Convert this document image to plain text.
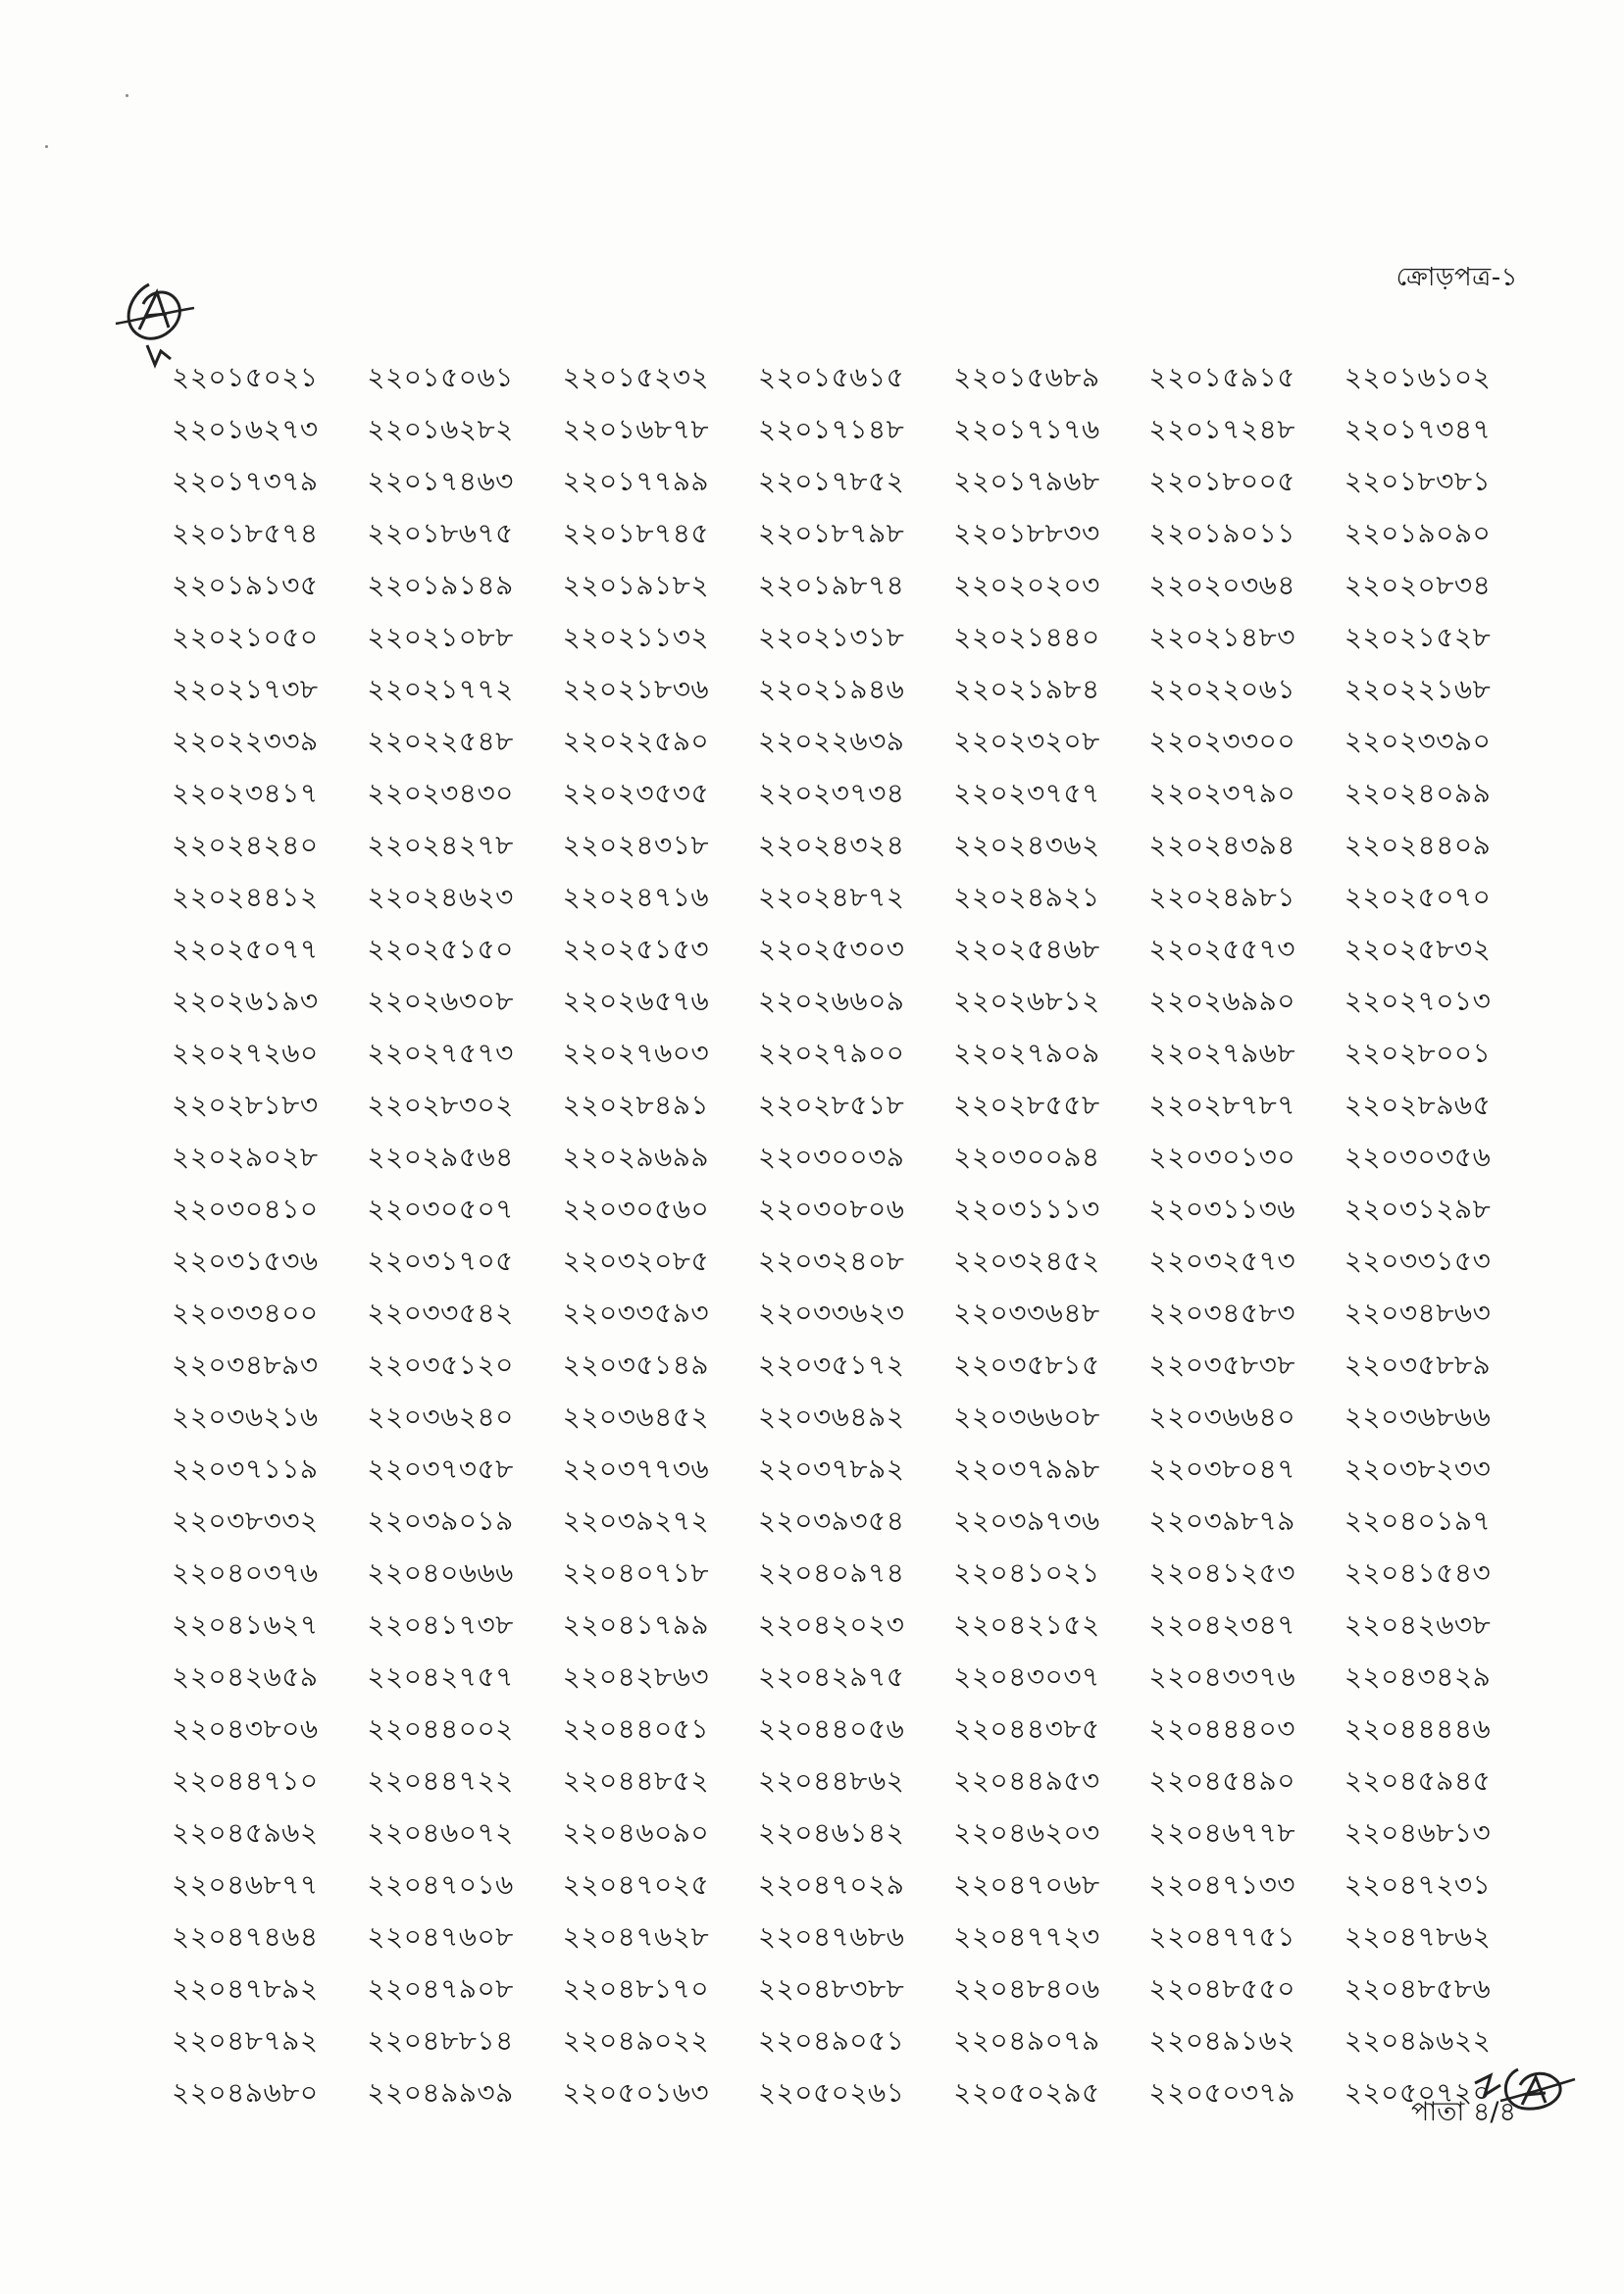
ক্রোড়পত্র-১
২২০১৫০২১	২২০১৫০৬১	২২০১৫২৩২	২২০১৫৬১৫	২২০১৫৬৮৯	২২০১৫৯১৫	২২০১৬১০২
২২০১৬২৭৩	২২০১৬২৮২	২২০১৬৮৭৮	২২০১৭১৪৮	২২০১৭১৭৬	২২০১৭২৪৮	২২০১৭৩৪৭
২২০১৭৩৭৯	২২০১৭৪৬৩	২২০১৭৭৯৯	২২০১৭৮৫২	২২০১৭৯৬৮	২২০১৮০০৫	২২০১৮৩৮১
২২০১৮৫৭৪	২২০১৮৬৭৫	২২০১৮৭৪৫	২২০১৮৭৯৮	২২০১৮৮৩৩	২২০১৯০১১	২২০১৯০৯০
২২০১৯১৩৫	২২০১৯১৪৯	২২০১৯১৮২	২২০১৯৮৭৪	২২০২০২০৩	২২০২০৩৬৪	২২০২০৮৩৪
২২০২১০৫০	২২০২১০৮৮	২২০২১১৩২	২২০২১৩১৮	২২০২১৪৪০	২২০২১৪৮৩	২২০২১৫২৮
২২০২১৭৩৮	২২০২১৭৭২	২২০২১৮৩৬	২২০২১৯৪৬	২২০২১৯৮৪	২২০২২০৬১	২২০২২১৬৮
২২০২২৩৩৯	২২০২২৫৪৮	২২০২২৫৯০	২২০২২৬৩৯	২২০২৩২০৮	২২০২৩৩০০	২২০২৩৩৯০
২২০২৩৪১৭	২২০২৩৪৩০	২২০২৩৫৩৫	২২০২৩৭৩৪	২২০২৩৭৫৭	২২০২৩৭৯০	২২০২৪০৯৯
২২০২৪২৪০	২২০২৪২৭৮	২২০২৪৩১৮	২২০২৪৩২৪	২২০২৪৩৬২	২২০২৪৩৯৪	২২০২৪৪০৯
২২০২৪৪১২	২২০২৪৬২৩	২২০২৪৭১৬	২২০২৪৮৭২	২২০২৪৯২১	২২০২৪৯৮১	২২০২৫০৭০
২২০২৫০৭৭	২২০২৫১৫০	২২০২৫১৫৩	২২০২৫৩০৩	২২০২৫৪৬৮	২২০২৫৫৭৩	২২০২৫৮৩২
২২০২৬১৯৩	২২০২৬৩০৮	২২০২৬৫৭৬	২২০২৬৬০৯	২২০২৬৮১২	২২০২৬৯৯০	২২০২৭০১৩
২২০২৭২৬০	২২০২৭৫৭৩	২২০২৭৬০৩	২২০২৭৯০০	২২০২৭৯০৯	২২০২৭৯৬৮	২২০২৮০০১
২২০২৮১৮৩	২২০২৮৩০২	২২০২৮৪৯১	২২০২৮৫১৮	২২০২৮৫৫৮	২২০২৮৭৮৭	২২০২৮৯৬৫
২২০২৯০২৮	২২০২৯৫৬৪	২২০২৯৬৯৯	২২০৩০০৩৯	২২০৩০০৯৪	২২০৩০১৩০	২২০৩০৩৫৬
২২০৩০৪১০	২২০৩০৫০৭	২২০৩০৫৬০	২২০৩০৮০৬	২২০৩১১১৩	২২০৩১১৩৬	২২০৩১২৯৮
২২০৩১৫৩৬	২২০৩১৭০৫	২২০৩২০৮৫	২২০৩২৪০৮	২২০৩২৪৫২	২২০৩২৫৭৩	২২০৩৩১৫৩
২২০৩৩৪০০	২২০৩৩৫৪২	২২০৩৩৫৯৩	২২০৩৩৬২৩	২২০৩৩৬৪৮	২২০৩৪৫৮৩	২২০৩৪৮৬৩
২২০৩৪৮৯৩	২২০৩৫১২০	২২০৩৫১৪৯	২২০৩৫১৭২	২২০৩৫৮১৫	২২০৩৫৮৩৮	২২০৩৫৮৮৯
২২০৩৬২১৬	২২০৩৬২৪০	২২০৩৬৪৫২	২২০৩৬৪৯২	২২০৩৬৬০৮	২২০৩৬৬৪০	২২০৩৬৮৬৬
২২০৩৭১১৯	২২০৩৭৩৫৮	২২০৩৭৭৩৬	২২০৩৭৮৯২	২২০৩৭৯৯৮	২২০৩৮০৪৭	২২০৩৮২৩৩
২২০৩৮৩৩২	২২০৩৯০১৯	২২০৩৯২৭২	২২০৩৯৩৫৪	২২০৩৯৭৩৬	২২০৩৯৮৭৯	২২০৪০১৯৭
২২০৪০৩৭৬	২২০৪০৬৬৬	২২০৪০৭১৮	২২০৪০৯৭৪	২২০৪১০২১	২২০৪১২৫৩	২২০৪১৫৪৩
২২০৪১৬২৭	২২০৪১৭৩৮	২২০৪১৭৯৯	২২০৪২০২৩	২২০৪২১৫২	২২০৪২৩৪৭	২২০৪২৬৩৮
২২০৪২৬৫৯	২২০৪২৭৫৭	২২০৪২৮৬৩	২২০৪২৯৭৫	২২০৪৩০৩৭	২২০৪৩৩৭৬	২২০৪৩৪২৯
২২০৪৩৮০৬	২২০৪৪০০২	২২০৪৪০৫১	২২০৪৪০৫৬	২২০৪৪৩৮৫	২২০৪৪৪০৩	২২০৪৪৪৪৬
২২০৪৪৭১০	২২০৪৪৭২২	২২০৪৪৮৫২	২২০৪৪৮৬২	২২০৪৪৯৫৩	২২০৪৫৪৯০	২২০৪৫৯৪৫
২২০৪৫৯৬২	২২০৪৬০৭২	২২০৪৬০৯০	২২০৪৬১৪২	২২০৪৬২০৩	২২০৪৬৭৭৮	২২০৪৬৮১৩
২২০৪৬৮৭৭	২২০৪৭০১৬	২২০৪৭০২৫	২২০৪৭০২৯	২২০৪৭০৬৮	২২০৪৭১৩৩	২২০৪৭২৩১
২২০৪৭৪৬৪	২২০৪৭৬০৮	২২০৪৭৬২৮	২২০৪৭৬৮৬	২২০৪৭৭২৩	২২০৪৭৭৫১	২২০৪৭৮৬২
২২০৪৭৮৯২	২২০৪৭৯০৮	২২০৪৮১৭০	২২০৪৮৩৮৮	২২০৪৮৪০৬	২২০৪৮৫৫০	২২০৪৮৫৮৬
২২০৪৮৭৯২	২২০৪৮৮১৪	২২০৪৯০২২	২২০৪৯০৫১	২২০৪৯০৭৯	২২০৪৯১৬২	২২০৪৯৬২২
২২০৪৯৬৮০	২২০৪৯৯৩৯	২২০৫০১৬৩	২২০৫০২৬১	২২০৫০২৯৫	২২০৫০৩৭৯	২২০৫০৭২০
পাতা ৪/৪
